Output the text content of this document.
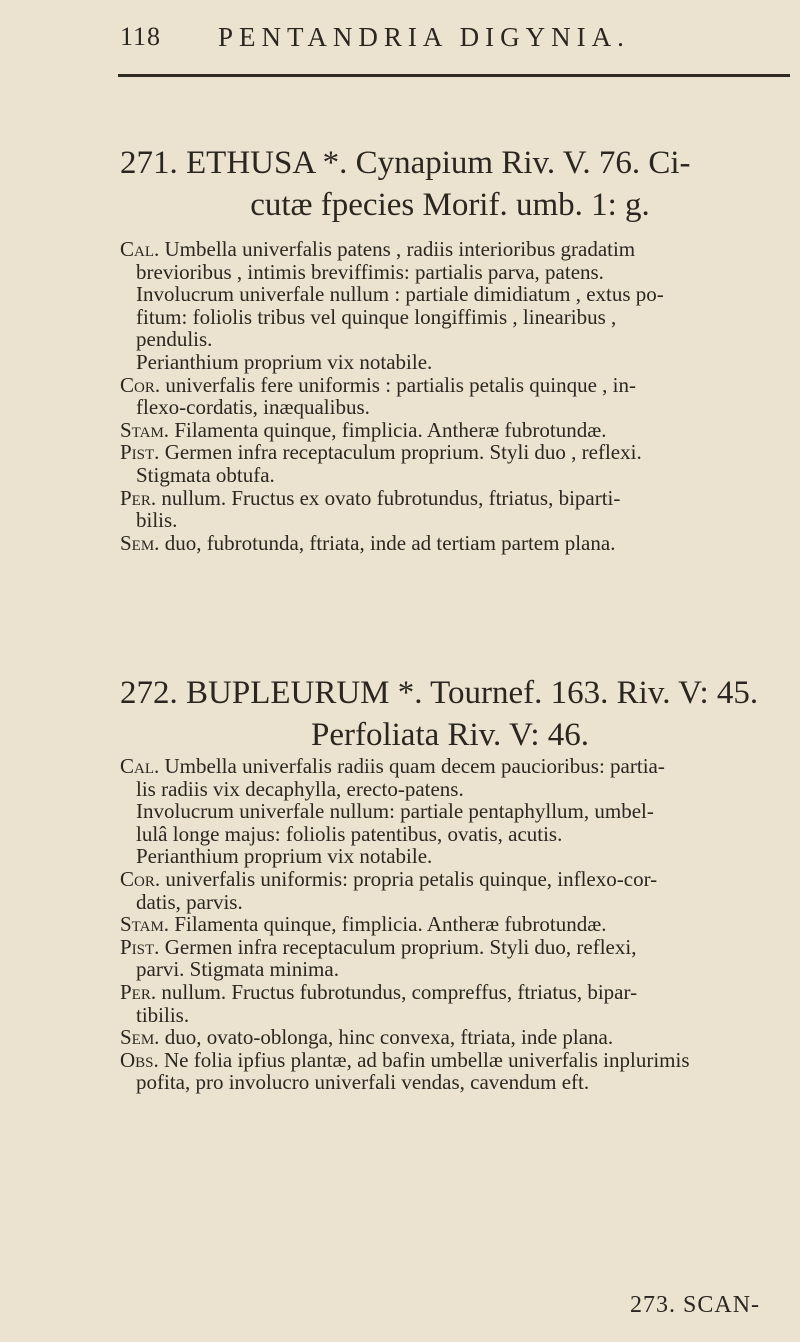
118 PENTANDRIA DIGYNIA.
271. ETHUSA *. Cynapium Riv. V. 76. Ci-
cutæ fpecies Morif. umb. 1: g.

Cal. Umbella univerfalis patens , radiis interioribus gradatim

brevioribus , intimis breviffimis: partialis parva, patens.

Involucrum univerfale nullum : partiale dimidiatum , extus po-

fitum: foliolis tribus vel quinque longiffimis , linearibus ,

pendulis.

Perianthium proprium vix notabile.

Cor. univerfalis fere uniformis : partialis petalis quinque , in-

flexo-cordatis, inæqualibus.

Stam. Filamenta quinque, fimplicia. Antheræ fubrotundæ.

Pist. Germen infra receptaculum proprium. Styli duo , reflexi.

Stigmata obtufa.

Per. nullum. Fructus ex ovato fubrotundus, ftriatus, biparti-

bilis.

Sem. duo, fubrotunda, ftriata, inde ad tertiam partem plana.

272. BUPLEURUM *. Tournef. 163. Riv. V: 45.
Perfoliata Riv. V: 46.

Cal. Umbella univerfalis radiis quam decem paucioribus: partia-

lis radiis vix decaphylla, erecto-patens.

Involucrum univerfale nullum: partiale pentaphyllum, umbel-

lulâ longe majus: foliolis patentibus, ovatis, acutis.

Perianthium proprium vix notabile.

Cor. univerfalis uniformis: propria petalis quinque, inflexo-cor-

datis, parvis.

Stam. Filamenta quinque, fimplicia. Antheræ fubrotundæ.

Pist. Germen infra receptaculum proprium. Styli duo, reflexi,

parvi. Stigmata minima.

Per. nullum. Fructus fubrotundus, compreffus, ftriatus, bipar-

tibilis.

Sem. duo, ovato-oblonga, hinc convexa, ftriata, inde plana.

Obs. Ne folia ipfius plantæ, ad bafin umbellæ univerfalis inplurimis

pofita, pro involucro univerfali vendas, cavendum eft.

273. SCAN-
